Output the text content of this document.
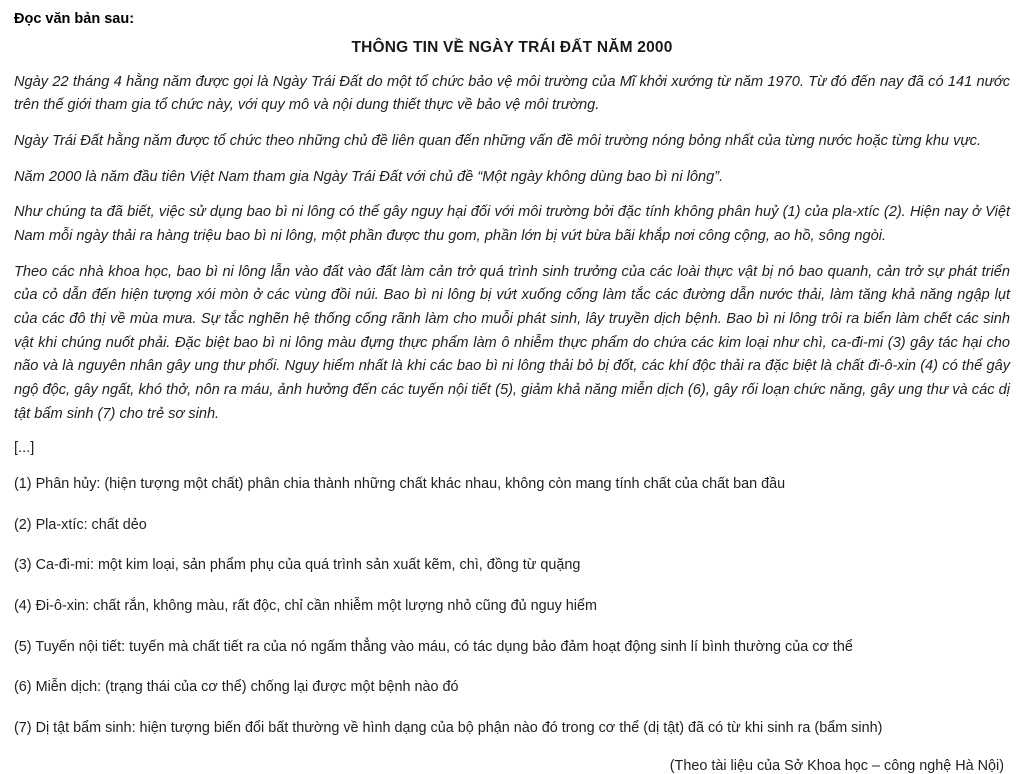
Đọc văn bản sau:
THÔNG TIN VỀ NGÀY TRÁI ĐẤT NĂM 2000

Ngày 22 tháng 4 hằng năm được gọi là Ngày Trái Đất do một tổ chức bảo vệ môi trường của Mĩ khởi xướng từ năm 1970. Từ đó đến nay đã có 141 nước trên thế giới tham gia tổ chức này, với quy mô và nội dung thiết thực về bảo vệ môi trường.

Ngày Trái Đất hằng năm được tổ chức theo những chủ đề liên quan đến những vấn đề môi trường nóng bỏng nhất của từng nước hoặc từng khu vực.

Năm 2000 là năm đầu tiên Việt Nam tham gia Ngày Trái Đất với chủ đề “Một ngày không dùng bao bì ni lông”.

Như chúng ta đã biết, việc sử dụng bao bì ni lông có thể gây nguy hại đối với môi trường bởi đặc tính không phân huỷ (1) của pla-xtíc (2). Hiện nay ở Việt Nam mỗi ngày thải ra hàng triệu bao bì ni lông, một phần được thu gom, phần lớn bị vứt bừa bãi khắp nơi công cộng, ao hồ, sông ngòi.

Theo các nhà khoa học, bao bì ni lông lẫn vào đất vào đất làm cản trở quá trình sinh trưởng của các loài thực vật bị nó bao quanh, cản trở sự phát triển của cỏ dẫn đến hiện tượng xói mòn ở các vùng đồi núi. Bao bì ni lông bị vứt xuống cống làm tắc các đường dẫn nước thải, làm tăng khả năng ngập lụt của các đô thị về mùa mưa. Sự tắc nghẽn hệ thống cống rãnh làm cho muỗi phát sinh, lây truyền dịch bệnh. Bao bì ni lông trôi ra biển làm chết các sinh vật khi chúng nuốt phải. Đặc biệt bao bì ni lông màu đựng thực phẩm làm ô nhiễm thực phẩm do chứa các kim loại như chì, ca-đi-mi (3) gây tác hại cho não và là nguyên nhân gây ung thư phổi. Nguy hiểm nhất là khi các bao bì ni lông thải bỏ bị đốt, các khí độc thải ra đặc biệt là chất đi-ô-xin (4) có thể gây ngộ độc, gây ngất, khó thở, nôn ra máu, ảnh hưởng đến các tuyến nội tiết (5), giảm khả năng miễn dịch (6), gây rối loạn chức năng, gây ung thư và các dị tật bẩm sinh (7) cho trẻ sơ sinh.

[...]
(1) Phân hủy: (hiện tượng một chất) phân chia thành những chất khác nhau, không còn mang tính chất của chất ban đầu
(2) Pla-xtíc: chất dẻo
(3) Ca-đi-mi: một kim loại, sản phẩm phụ của quá trình sản xuất kẽm, chì, đồng từ quặng
(4) Đi-ô-xin: chất rắn, không màu, rất độc, chỉ cần nhiễm một lượng nhỏ cũng đủ nguy hiểm
(5) Tuyến nội tiết: tuyến mà chất tiết ra của nó ngấm thẳng vào máu, có tác dụng bảo đảm hoạt động sinh lí bình thường của cơ thể
(6) Miễn dịch: (trạng thái của cơ thể) chống lại được một bệnh nào đó
(7) Dị tật bẩm sinh: hiện tượng biến đổi bất thường về hình dạng của bộ phận nào đó trong cơ thể (dị tật) đã có từ khi sinh ra (bẩm sinh)
(Theo tài liệu của Sở Khoa học – công nghệ Hà Nội)
